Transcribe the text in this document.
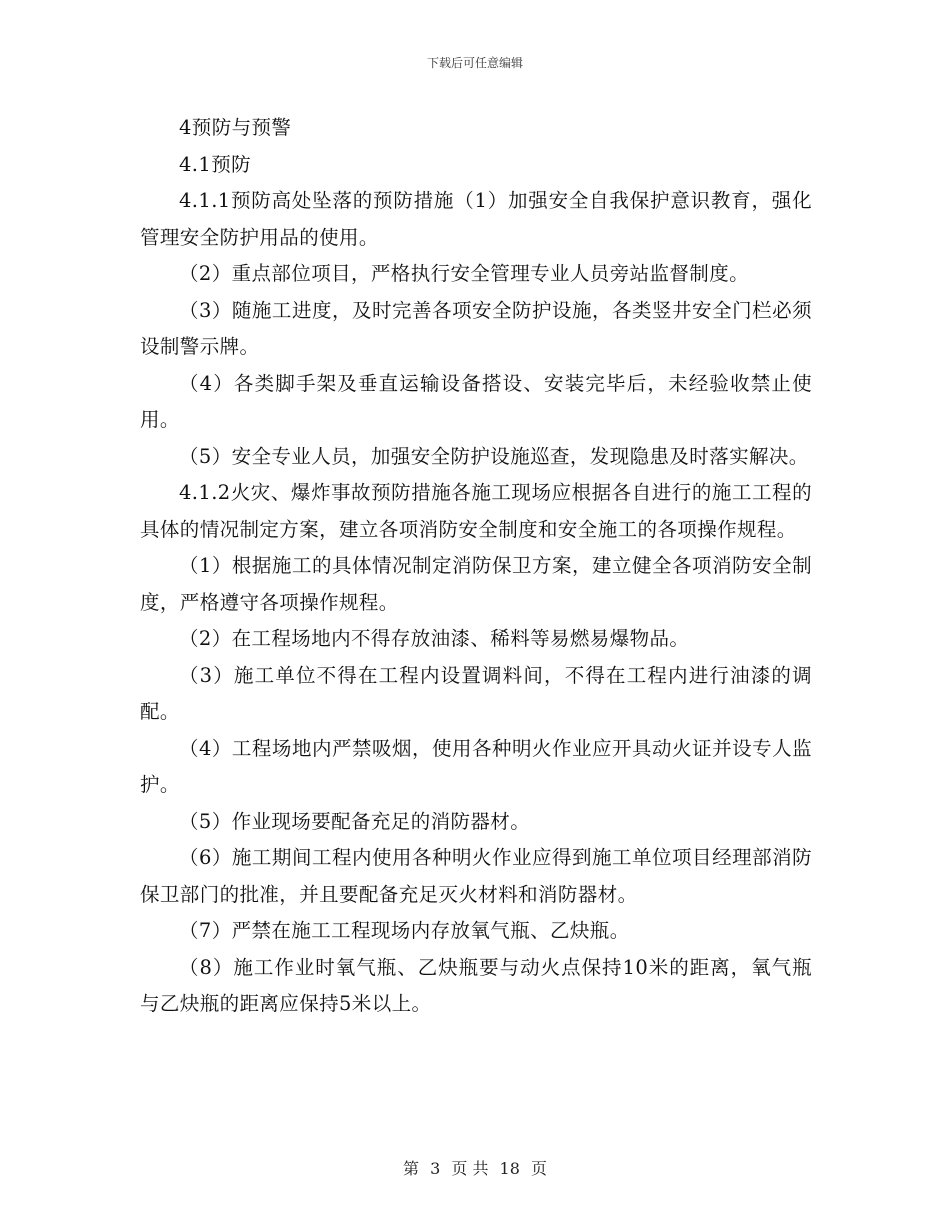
下载后可任意编辑

4预防与预警

4.1预防

4.1.1预防高处坠落的预防措施（1）加强安全自我保护意识教育，强化管理安全防护用品的使用。

（2）重点部位项目，严格执行安全管理专业人员旁站监督制度。

（3）随施工进度，及时完善各项安全防护设施，各类竖井安全门栏必须设制警示牌。

（4）各类脚手架及垂直运输设备搭设、安装完毕后，未经验收禁止使用。

（5）安全专业人员，加强安全防护设施巡查，发现隐患及时落实解决。

4.1.2火灾、爆炸事故预防措施各施工现场应根据各自进行的施工工程的具体的情况制定方案，建立各项消防安全制度和安全施工的各项操作规程。

（1）根据施工的具体情况制定消防保卫方案，建立健全各项消防安全制度，严格遵守各项操作规程。

（2）在工程场地内不得存放油漆、稀料等易燃易爆物品。

（3）施工单位不得在工程内设置调料间，不得在工程内进行油漆的调配。

（4）工程场地内严禁吸烟，使用各种明火作业应开具动火证并设专人监护。

（5）作业现场要配备充足的消防器材。

（6）施工期间工程内使用各种明火作业应得到施工单位项目经理部消防保卫部门的批准，并且要配备充足灭火材料和消防器材。

（7）严禁在施工工程现场内存放氧气瓶、乙炔瓶。

（8）施工作业时氧气瓶、乙炔瓶要与动火点保持10米的距离，氧气瓶与乙炔瓶的距离应保持5米以上。

第 3 页 共 18 页
